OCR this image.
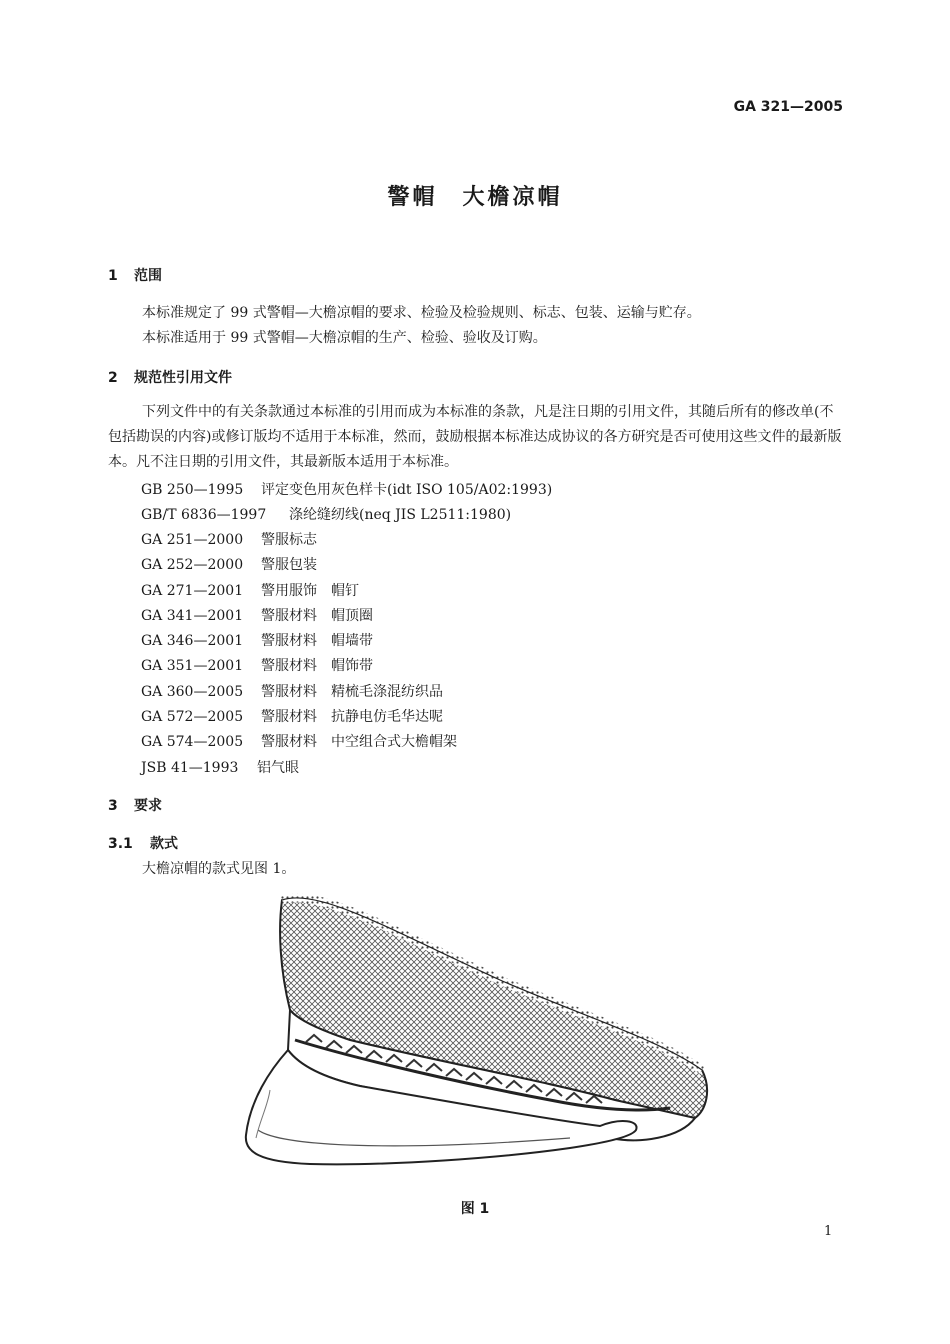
GA 321—2005
警帽　大檐凉帽
1 范围
本标准规定了 99 式警帽—大檐凉帽的要求、检验及检验规则、标志、包装、运输与贮存。
本标准适用于 99 式警帽—大檐凉帽的生产、检验、验收及订购。
2 规范性引用文件
下列文件中的有关条款通过本标准的引用而成为本标准的条款，凡是注日期的引用文件，其随后所有的修改单(不包括勘误的内容)或修订版均不适用于本标准，然而，鼓励根据本标准达成协议的各方研究是否可使用这些文件的最新版本。凡不注日期的引用文件，其最新版本适用于本标准。
GB 250—1995 评定变色用灰色样卡(idt ISO 105/A02:1993)
GB/T 6836—1997 涤纶缝纫线(neq JIS L2511:1980)
GA 251—2000 警服标志
GA 252—2000 警服包装
GA 271—2001 警用服饰　帽钉
GA 341—2001 警服材料　帽顶圈
GA 346—2001 警服材料　帽墙带
GA 351—2001 警服材料　帽饰带
GA 360—2005 警服材料　精梳毛涤混纺织品
GA 572—2005 警服材料　抗静电仿毛华达呢
GA 574—2005 警服材料　中空组合式大檐帽架
JSB 41—1993 铝气眼
3 要求
3.1 款式
大檐凉帽的款式见图 1。
图 1
1
